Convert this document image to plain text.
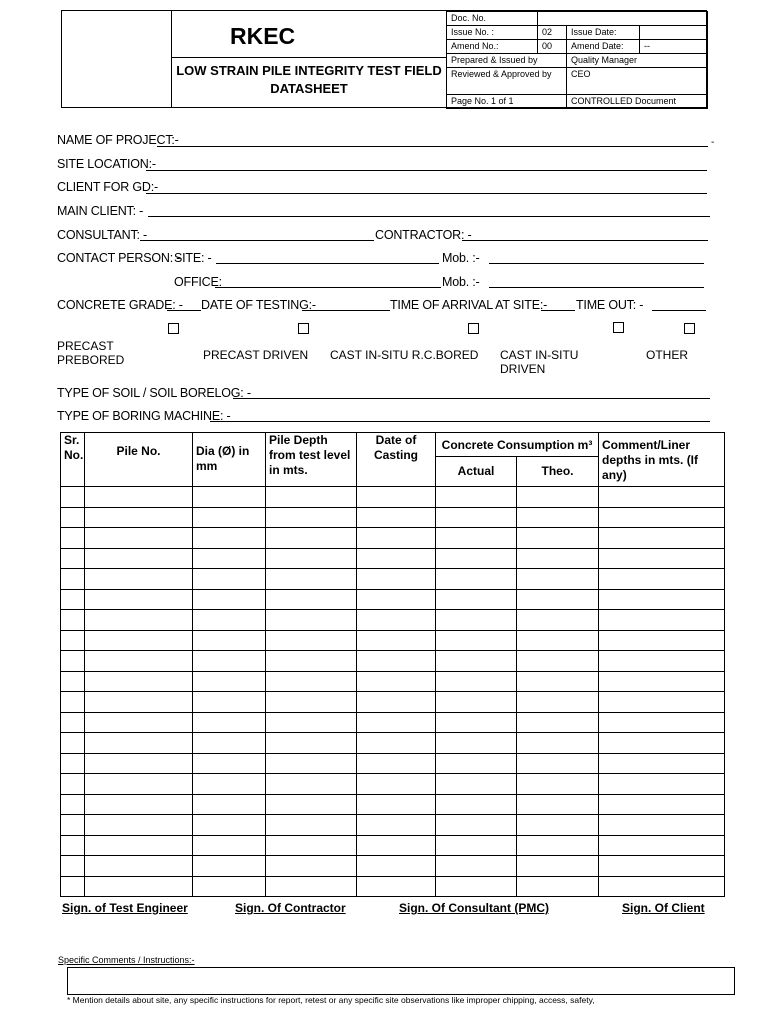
RKEC
LOW STRAIN PILE INTEGRITY TEST FIELD
DATASHEET
Doc. No.			
Issue No. :	02	Issue Date:	
Amend No.:	00	Amend Date:	--
Prepared & Issued by		Quality Manager	
Reviewed & Approved by		CEO	
Page No. 1 of 1		CONTROLLED Document	
NAME OF PROJECT:-	-
SITE LOCATION:-
CLIENT FOR GD:-
MAIN CLIENT: -
CONSULTANT: -	CONTRACTOR: -
CONTACT PERSON: -
SITE: -	Mob. :-
OFFICE:	Mob. :-
CONCRETE GRADE: - DATE OF TESTING:-	TIME OF ARRIVAL AT SITE:- TIME OUT: -
PRECAST PREBORED	PRECAST DRIVEN CAST IN-SITU R.C.BORED CAST IN-SITU DRIVEN
OTHER
TYPE OF SOIL / SOIL BORELOG: -
TYPE OF BORING MACHINE: -
Sr. No.	Pile No.	Dia (Ø) in mm	Pile Depth from test level in mts.	Date of Casting	Concrete Consumption m³		Comment/Liner depths in mts. (If any)

					Actual	Theo.	

Sign. of Test Engineer	Sign. Of Contractor	Sign. Of Consultant (PMC)	Sign. Of Client
Specific Comments / Instructions:-
* Mention details about site, any specific instructions for report, retest or any specific site observations like improper chipping, access, safety,
